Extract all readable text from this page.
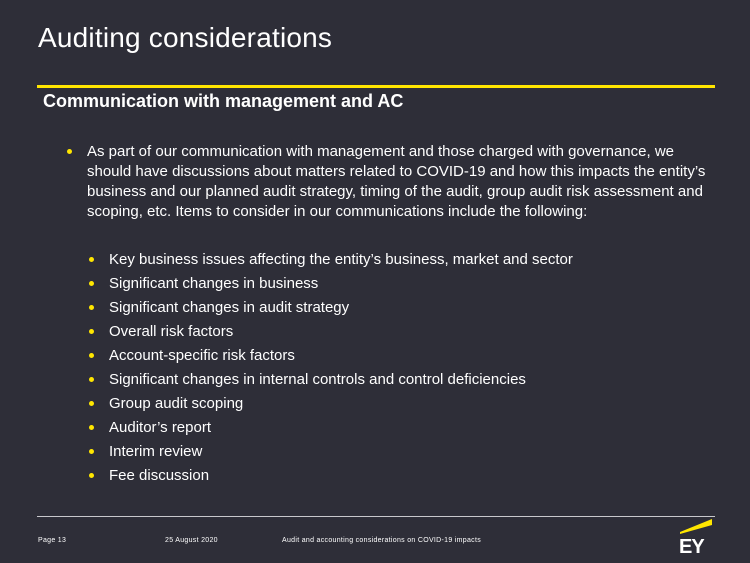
Auditing considerations
Communication with management and AC
As part of our communication with management and those charged with governance, we should have discussions about matters related to COVID-19 and how this impacts the entity’s business and our planned audit strategy, timing of the audit, group audit risk assessment and scoping, etc. Items to consider in our communications include the following:
Key business issues affecting the entity’s business, market and sector
Significant changes in business
Significant changes in audit strategy
Overall risk factors
Account-specific risk factors
Significant changes in internal controls and control deficiencies
Group audit scoping
Auditor’s report
Interim review
Fee discussion
Page 13	25 August 2020	Audit and accounting considerations on COVID-19 impacts	EY
